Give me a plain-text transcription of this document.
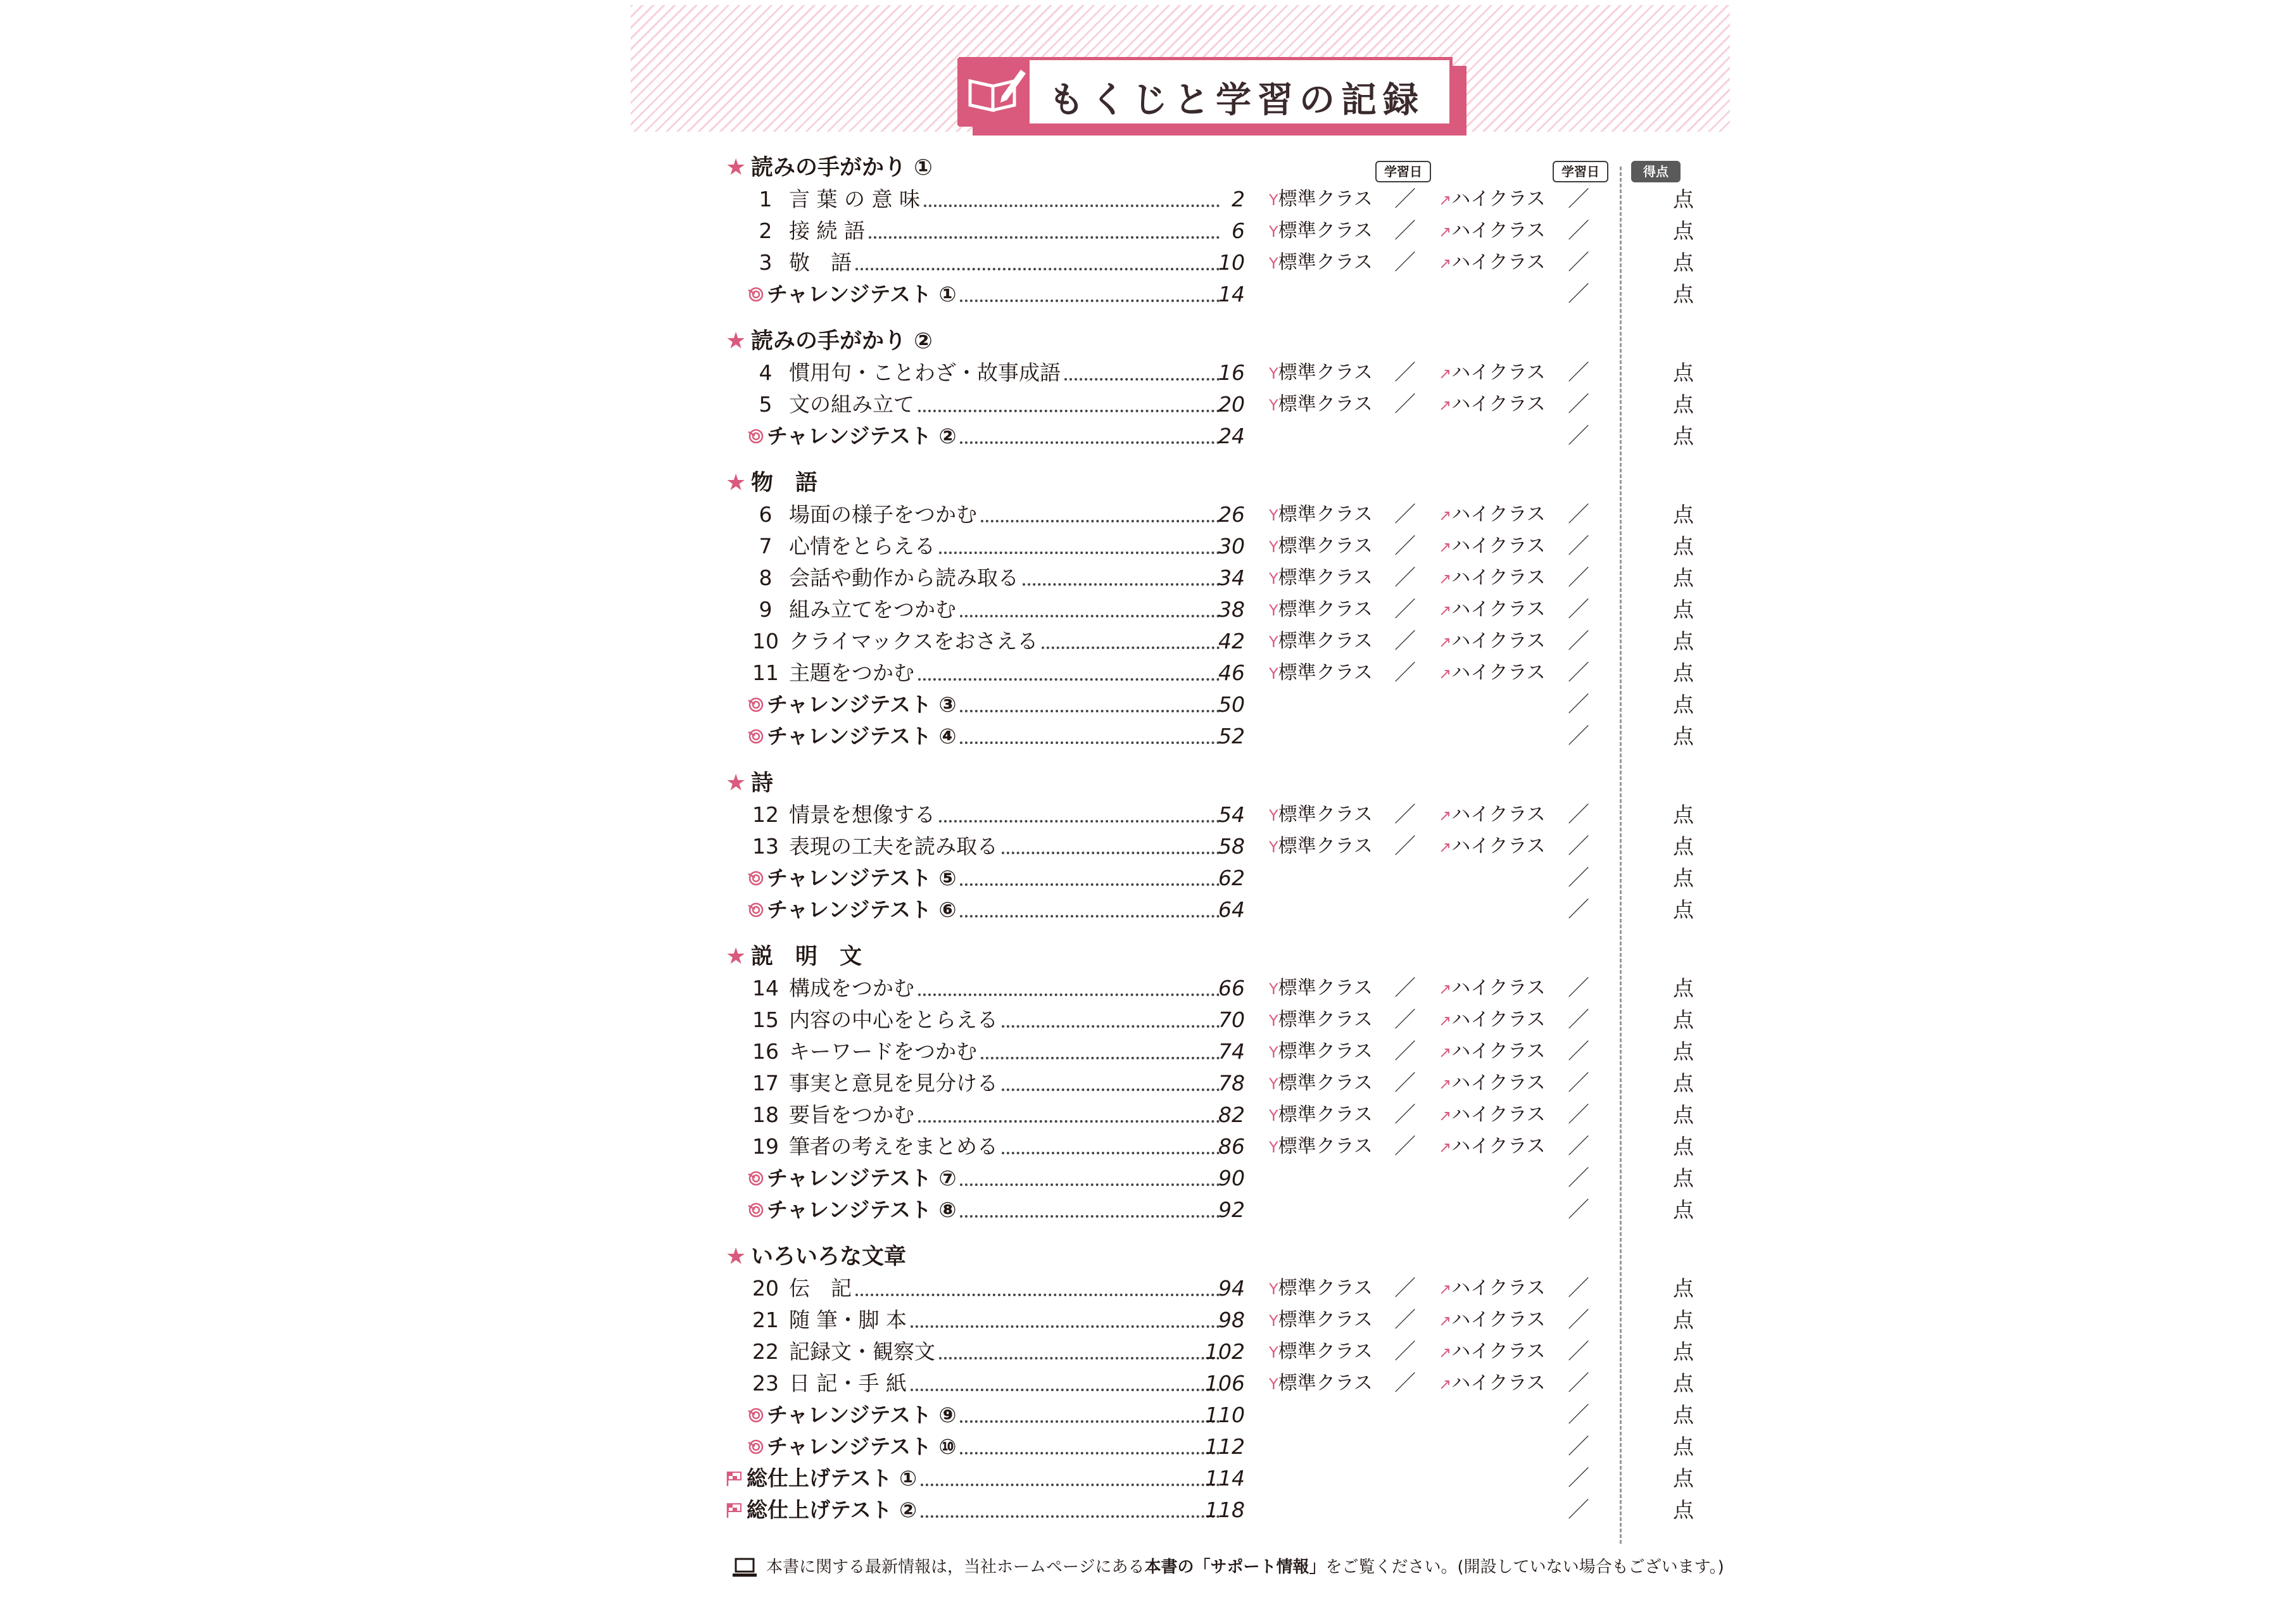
もくじと学習の記録
学習日	学習日	得点
★ 読みの手がかり ①
1 言 葉 の 意 味	2 Y標準クラス ／ ↗ハイクラス ／	点
2 接 続 語	6 Y標準クラス ／ ↗ハイクラス ／	点
3 敬　語	10 Y標準クラス ／ ↗ハイクラス ／	点
チャレンジテスト ①	14	／	点
★ 読みの手がかり ②
4 慣用句・ことわざ・故事成語	16 Y標準クラス ／ ↗ハイクラス ／	点
5 文の組み立て	20 Y標準クラス ／ ↗ハイクラス ／	点
チャレンジテスト ②	24	／	点
★ 物　語
6 場面の様子をつかむ	26 Y標準クラス ／ ↗ハイクラス ／	点
7 心情をとらえる	30 Y標準クラス ／ ↗ハイクラス ／	点
8 会話や動作から読み取る	34 Y標準クラス ／ ↗ハイクラス ／	点
9 組み立てをつかむ	38 Y標準クラス ／ ↗ハイクラス ／	点
10 クライマックスをおさえる	42 Y標準クラス ／ ↗ハイクラス ／	点
11 主題をつかむ	46 Y標準クラス ／ ↗ハイクラス ／	点
チャレンジテスト ③	50	／	点
チャレンジテスト ④	52	／	点
★ 詩
12 情景を想像する	54 Y標準クラス ／ ↗ハイクラス ／	点
13 表現の工夫を読み取る	58 Y標準クラス ／ ↗ハイクラス ／	点
チャレンジテスト ⑤	62	／	点
チャレンジテスト ⑥	64	／	点
★ 説　明　文
14 構成をつかむ	66 Y標準クラス ／ ↗ハイクラス ／	点
15 内容の中心をとらえる	70 Y標準クラス ／ ↗ハイクラス ／	点
16 キーワードをつかむ	74 Y標準クラス ／ ↗ハイクラス ／	点
17 事実と意見を見分ける	78 Y標準クラス ／ ↗ハイクラス ／	点
18 要旨をつかむ	82 Y標準クラス ／ ↗ハイクラス ／	点
19 筆者の考えをまとめる	86 Y標準クラス ／ ↗ハイクラス ／	点
チャレンジテスト ⑦	90	／	点
チャレンジテスト ⑧	92	／	点
★ いろいろな文章
20 伝　記	94 Y標準クラス ／ ↗ハイクラス ／	点
21 随 筆・脚 本	98 Y標準クラス ／ ↗ハイクラス ／	点
22 記録文・観察文	102 Y標準クラス ／ ↗ハイクラス ／	点
23 日 記・手 紙	106 Y標準クラス ／ ↗ハイクラス ／	点
チャレンジテスト ⑨	110	／	点
チャレンジテスト ⑩	112	／	点
総仕上げテスト ①	114	／	点
総仕上げテスト ②	118	／	点
本書に関する最新情報は，当社ホームページにある本書の「サポート情報」をご覧ください。(開設していない場合もございます。)
